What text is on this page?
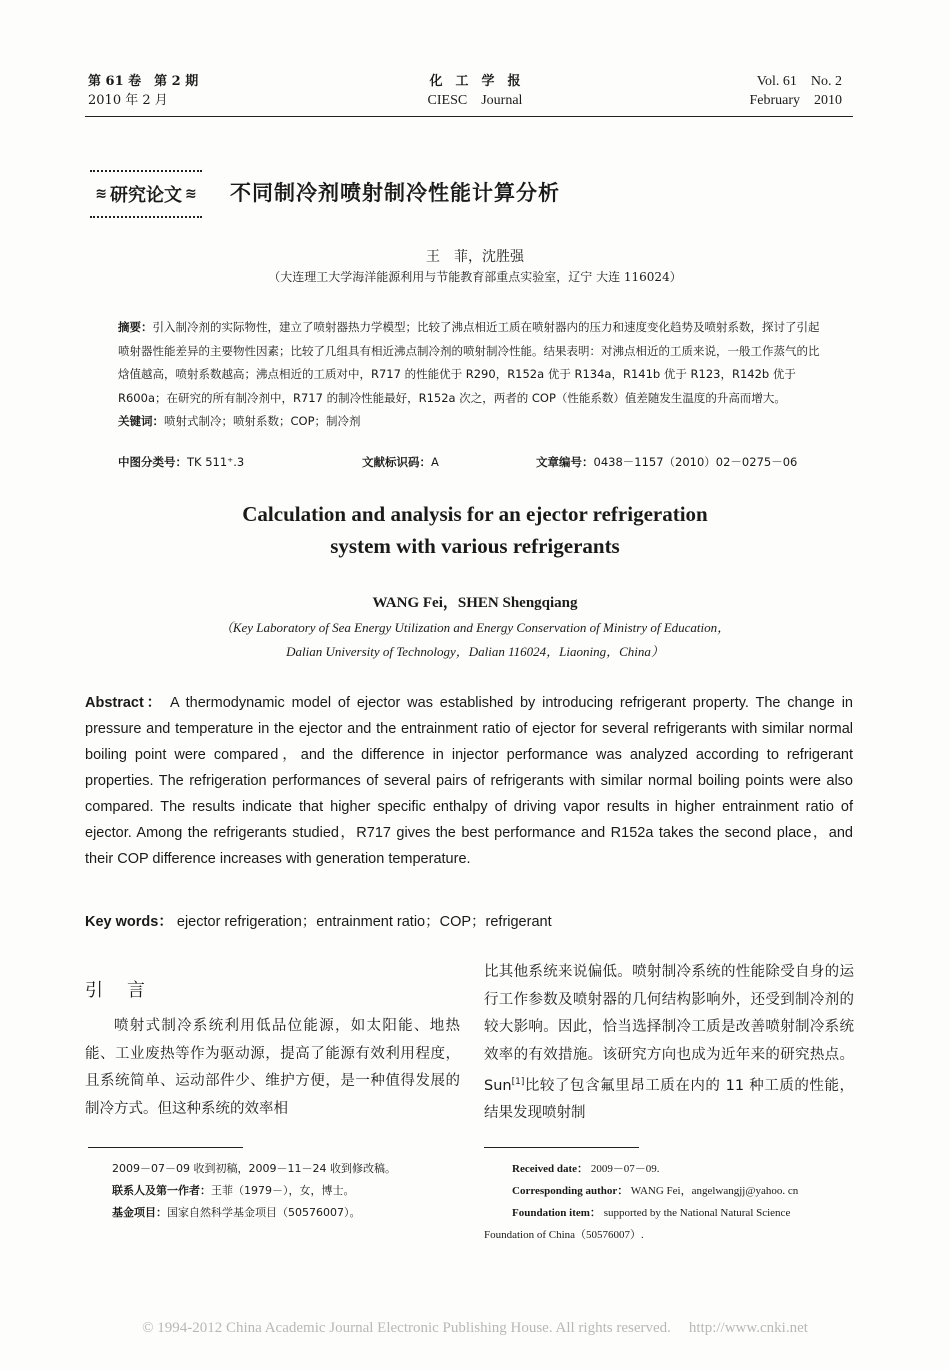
第 61 卷　第 2 期
2010 年 2 月
化　工　学　报
CIESC　Journal
Vol. 61　No. 2
February　2010
≋ 研究论文
≋ 不同制冷剂喷射制冷性能计算分析
王　菲，沈胜强
（大连理工大学海洋能源利用与节能教育部重点实验室，辽宁 大连 116024）
摘要：引入制冷剂的实际物性，建立了喷射器热力学模型；比较了沸点相近工质在喷射器内的压力和速度变化趋势及喷射系数，探讨了引起喷射器性能差异的主要物性因素；比较了几组具有相近沸点制冷剂的喷射制冷性能。结果表明：对沸点相近的工质来说，一般工作蒸气的比焓值越高，喷射系数越高；沸点相近的工质对中，R717 的性能优于 R290，R152a 优于 R134a，R141b 优于 R123，R142b 优于 R600a；在研究的所有制冷剂中，R717 的制冷性能最好，R152a 次之，两者的 COP（性能系数）值差随发生温度的升高而增大。
关键词：喷射式制冷；喷射系数；COP；制冷剂
中图分类号：TK 511⁺.3	文献标识码：A	文章编号：0438－1157（2010）02－0275－06
Calculation and analysis for an ejector refrigeration
system with various refrigerants
WANG Fei，SHEN Shengqiang
（Key Laboratory of Sea Energy Utilization and Energy Conservation of Ministry of Education，
Dalian University of Technology，Dalian 116024，Liaoning，China）
Abstract： A thermodynamic model of ejector was established by introducing refrigerant property. The change in pressure and temperature in the ejector and the entrainment ratio of ejector for several refrigerants with similar normal boiling point were compared，and the difference in injector performance was analyzed according to refrigerant properties. The refrigeration performances of several pairs of refrigerants with similar normal boiling points were also compared. The results indicate that higher specific enthalpy of driving vapor results in higher entrainment ratio of ejector. Among the refrigerants studied，R717 gives the best performance and R152a takes the second place，and their COP difference increases with generation temperature.
Key words： ejector refrigeration；entrainment ratio；COP；refrigerant
引言
喷射式制冷系统利用低品位能源，如太阳能、地热能、工业废热等作为驱动源，提高了能源有效利用程度，且系统简单、运动部件少、维护方便，是一种值得发展的制冷方式。但这种系统的效率相
比其他系统来说偏低。喷射制冷系统的性能除受自身的运行工作参数及喷射器的几何结构影响外，还受到制冷剂的较大影响。因此，恰当选择制冷工质是改善喷射制冷系统效率的有效措施。该研究方向也成为近年来的研究热点。Sun[1]比较了包含氟里昂工质在内的 11 种工质的性能，结果发现喷射制
2009－07－09 收到初稿，2009－11－24 收到修改稿。
联系人及第一作者：王菲（1979－），女，博士。
基金项目：国家自然科学基金项目（50576007）。
Received date： 2009－07－09.
Corresponding author： WANG Fei，angelwangjj@yahoo. cn
Foundation item： supported by the National Natural Science
Foundation of China（50576007）.
© 1994-2012 China Academic Journal Electronic Publishing House. All rights reserved. http://www.cnki.net
